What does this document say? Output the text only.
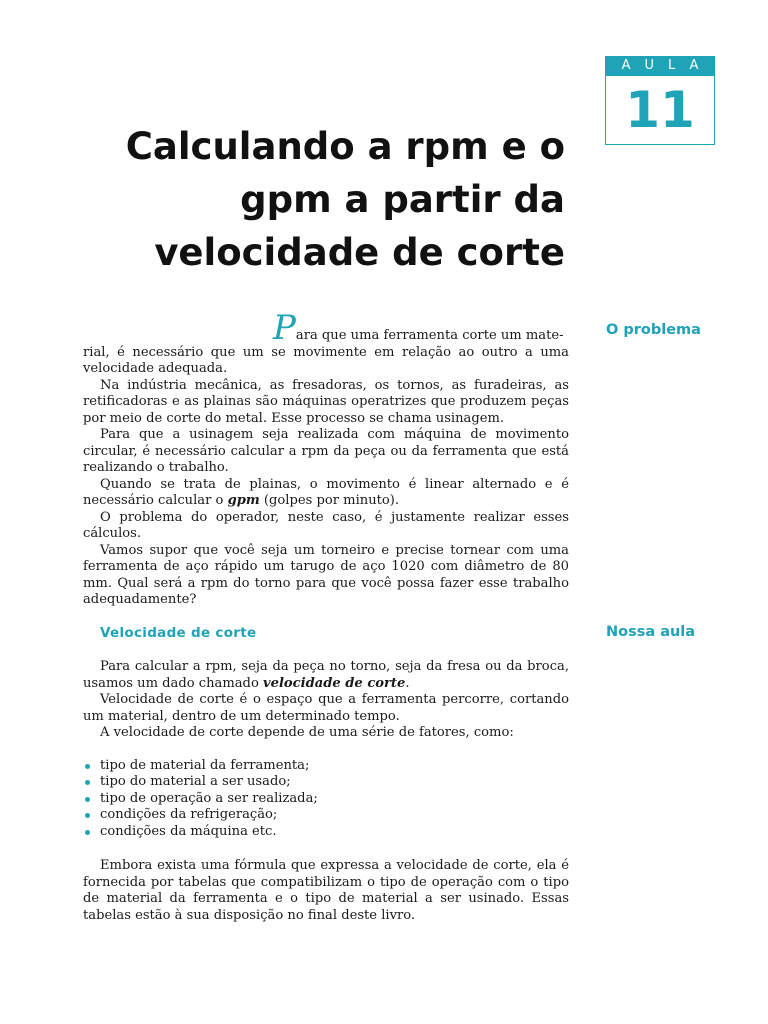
AULA
11
Calculando a rpm e o
gpm a partir da
velocidade de corte
O problema
Nossa aula

Para que uma ferramenta corte um mate-

rial, é necessário que um se movimente em relação ao outro a uma velocidade adequada.

Na indústria mecânica, as fresadoras, os tornos, as furadeiras, as retificadoras e as plainas são máquinas operatrizes que produzem peças por meio de corte do metal. Esse processo se chama usinagem.

Para que a usinagem seja realizada com máquina de movimento circular, é necessário calcular a rpm da peça ou da ferramenta que está realizando o trabalho.

Quando se trata de plainas, o movimento é linear alternado e é necessário calcular o gpm (golpes por minuto).

O problema do operador, neste caso, é justamente realizar esses cálculos.

Vamos supor que você seja um torneiro e precise tornear com uma ferramenta de aço rápido um tarugo de aço 1020 com diâmetro de 80 mm. Qual será a rpm do torno para que você possa fazer esse trabalho adequadamente?

Velocidade de corte

Para calcular a rpm, seja da peça no torno, seja da fresa ou da broca, usamos um dado chamado velocidade de corte.

Velocidade de corte é o espaço que a ferramenta percorre, cortando um material, dentro de um determinado tempo.

A velocidade de corte depende de uma série de fatores, como:

tipo de material da ferramenta;
tipo do material a ser usado;
tipo de operação a ser realizada;
condições da refrigeração;
condições da máquina etc.

Embora exista uma fórmula que expressa a velocidade de corte, ela é fornecida por tabelas que compatibilizam o tipo de operação com o tipo de material da ferramenta e o tipo de material a ser usinado. Essas tabelas estão à sua disposição no final deste livro.
